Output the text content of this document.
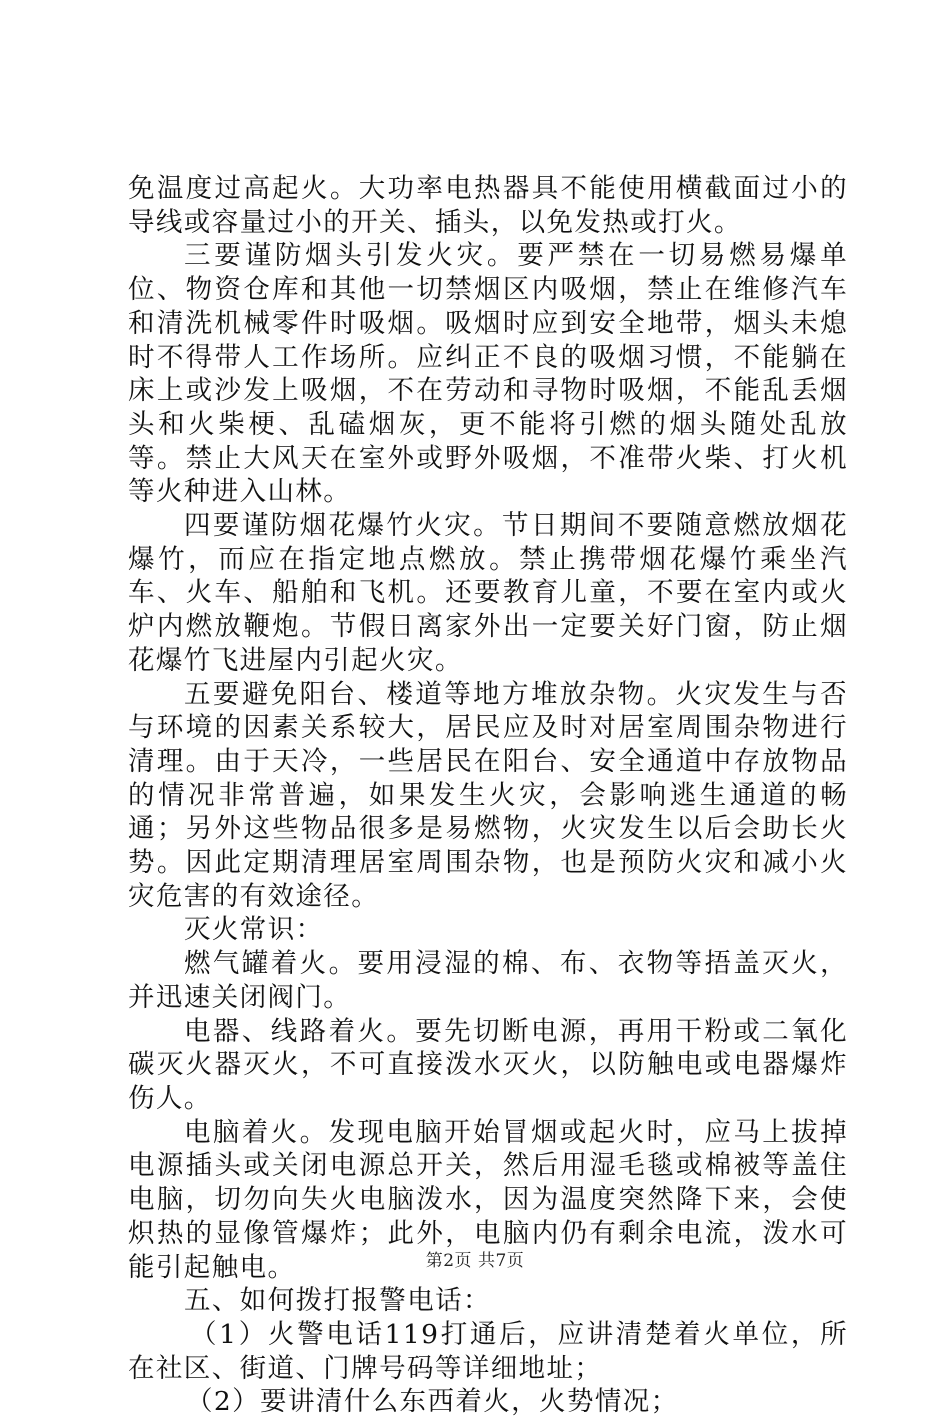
免温度过高起火。大功率电热器具不能使用横截面过小的导线或容量过小的开关、插头，以免发热或打火。

三要谨防烟头引发火灾。要严禁在一切易燃易爆单位、物资仓库和其他一切禁烟区内吸烟，禁止在维修汽车和清洗机械零件时吸烟。吸烟时应到安全地带，烟头未熄时不得带人工作场所。应纠正不良的吸烟习惯，不能躺在床上或沙发上吸烟，不在劳动和寻物时吸烟，不能乱丢烟头和火柴梗、乱磕烟灰，更不能将引燃的烟头随处乱放等。禁止大风天在室外或野外吸烟，不准带火柴、打火机等火种进入山林。

四要谨防烟花爆竹火灾。节日期间不要随意燃放烟花爆竹，而应在指定地点燃放。禁止携带烟花爆竹乘坐汽车、火车、船舶和飞机。还要教育儿童，不要在室内或火炉内燃放鞭炮。节假日离家外出一定要关好门窗，防止烟花爆竹飞进屋内引起火灾。

五要避免阳台、楼道等地方堆放杂物。火灾发生与否与环境的因素关系较大，居民应及时对居室周围杂物进行清理。由于天冷，一些居民在阳台、安全通道中存放物品的情况非常普遍，如果发生火灾，会影响逃生通道的畅通；另外这些物品很多是易燃物，火灾发生以后会助长火势。因此定期清理居室周围杂物，也是预防火灾和减小火灾危害的有效途径。

灭火常识：

燃气罐着火。要用浸湿的棉、布、衣物等捂盖灭火，并迅速关闭阀门。

电器、线路着火。要先切断电源，再用干粉或二氧化碳灭火器灭火，不可直接泼水灭火，以防触电或电器爆炸伤人。

电脑着火。发现电脑开始冒烟或起火时，应马上拔掉电源插头或关闭电源总开关，然后用湿毛毯或棉被等盖住电脑，切勿向失火电脑泼水，因为温度突然降下来，会使炽热的显像管爆炸；此外，电脑内仍有剩余电流，泼水可能引起触电。

五、如何拨打报警电话：

（1）火警电话119打通后，应讲清楚着火单位，所在社区、街道、门牌号码等详细地址；

（2）要讲清什么东西着火，火势情况；

第2页 共7页
